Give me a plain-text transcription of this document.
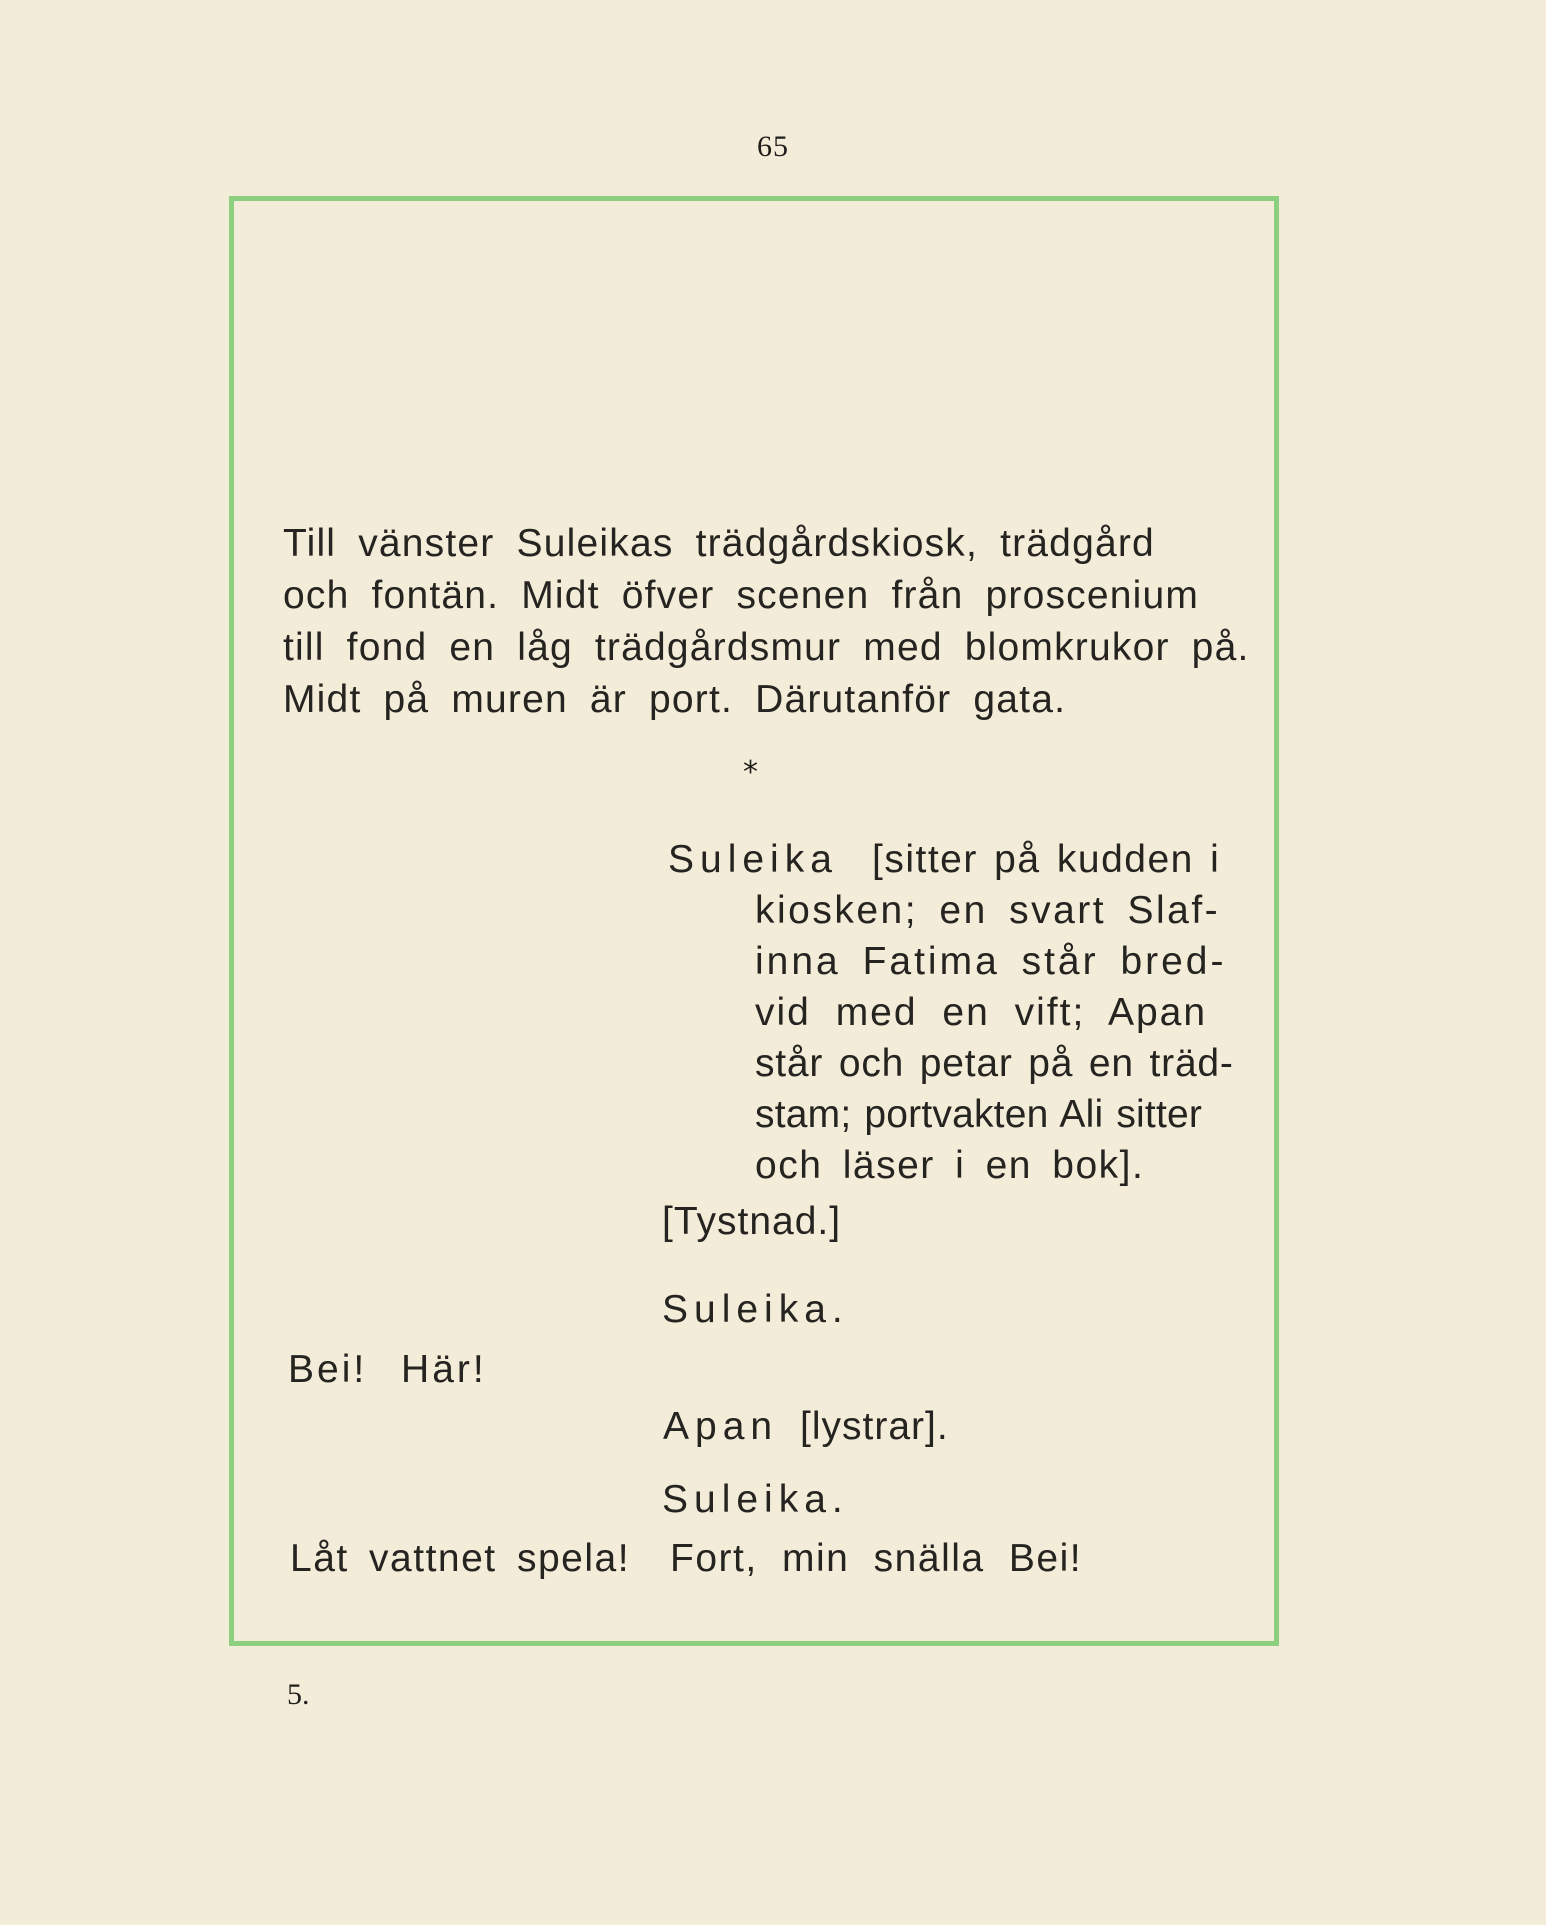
65
Till vänster Suleikas trädgårdskiosk, trädgård
och fontän. Midt öfver scenen från proscenium
till fond en låg trädgårdsmur med blomkrukor på.
Midt på muren är port. Därutanför gata.
*
Suleika [sitter på kudden i
kiosken; en svart Slaf-
inna Fatima står bred-
vid med en vift; Apan
står och petar på en träd-
stam; portvakten Ali sitter
och läser i en bok].
[Tystnad.]
Suleika.
Bei! Här!
Apan [lystrar].
Suleika.
Låt vattnet spela! Fort, min snälla Bei!
5.
